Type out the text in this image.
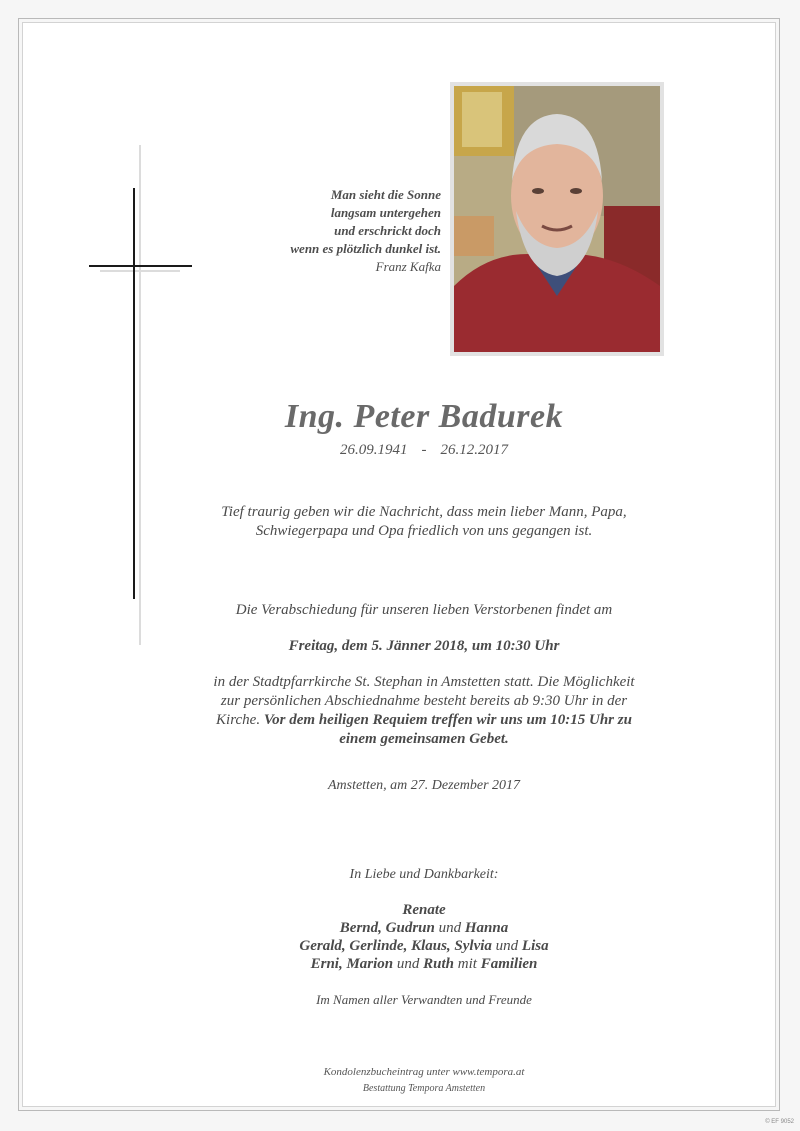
Man sieht die Sonne
langsam untergehen
und erschrickt doch
wenn es plötzlich dunkel ist.
Franz Kafka
Ing. Peter Badurek
26.09.1941 - 26.12.2017
Tief traurig geben wir die Nachricht, dass mein lieber Mann, Papa,
Schwiegerpapa und Opa friedlich von uns gegangen ist.
Die Verabschiedung für unseren lieben Verstorbenen findet am
Freitag, dem 5. Jänner 2018, um 10:30 Uhr
in der Stadtpfarrkirche St. Stephan in Amstetten statt. Die Möglichkeit
zur persönlichen Abschiednahme besteht bereits ab 9:30 Uhr in der
Kirche. Vor dem heiligen Requiem treffen wir uns um 10:15 Uhr zu
einem gemeinsamen Gebet.
Amstetten, am 27. Dezember 2017
In Liebe und Dankbarkeit:
Renate
Bernd, Gudrun und Hanna
Gerald, Gerlinde, Klaus, Sylvia und Lisa
Erni, Marion und Ruth mit Familien
Im Namen aller Verwandten und Freunde
Kondolenzbucheintrag unter www.tempora.at
Bestattung Tempora Amstetten
© EF 9052
